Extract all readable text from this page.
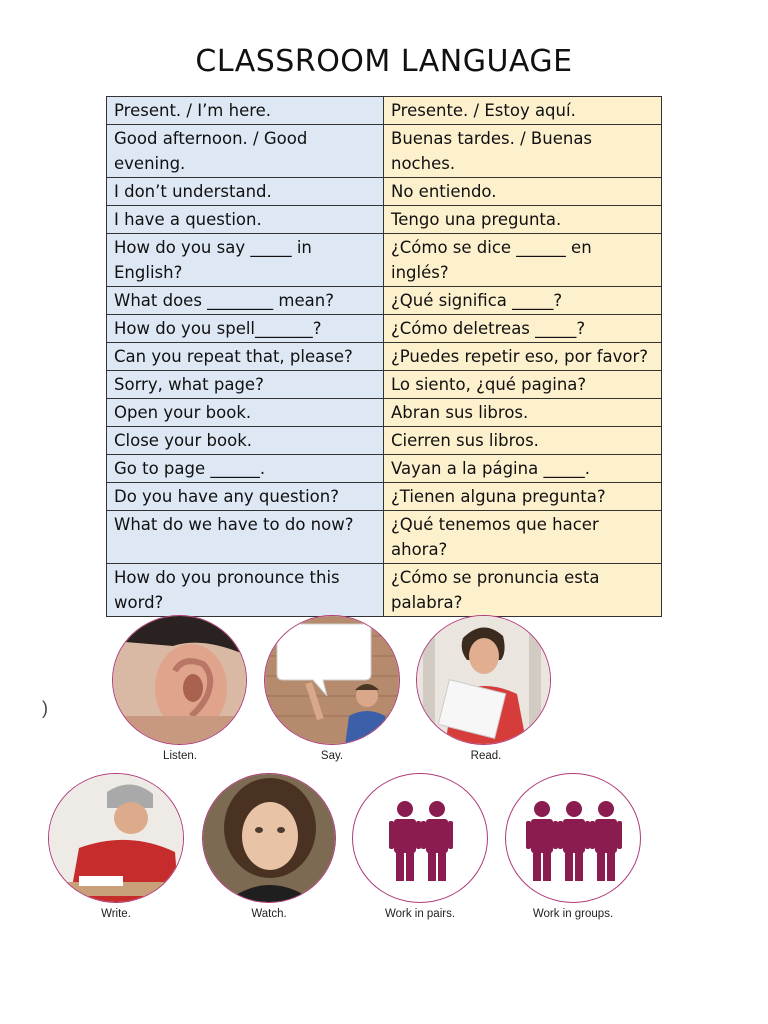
CLASSROOM LANGUAGE
Present. / I’m here.	Presente. / Estoy aquí.
Good afternoon. / Good evening.	Buenas tardes. / Buenas noches.
I don’t understand.	No entiendo.
I have a question.	Tengo una pregunta.
How do you say _____ in English?	¿Cómo se dice ______ en inglés?
What does ________ mean?	¿Qué significa _____?
How do you spell_______?	¿Cómo deletreas _____?
Can you repeat that, please?	¿Puedes repetir eso, por favor?
Sorry, what page?	Lo siento, ¿qué pagina?
Open your book.	Abran sus libros.
Close your book.	Cierren sus libros.
Go to page ______.	Vayan a la página _____.
Do you have any question?	¿Tienen alguna pregunta?
What do we have to do now?	¿Qué tenemos que hacer ahora?
How do you pronounce this word?	¿Cómo se pronuncia esta palabra?
)
Listen.	Say.	Read.
Write.	Watch.	Work in pairs.	Work in groups.
